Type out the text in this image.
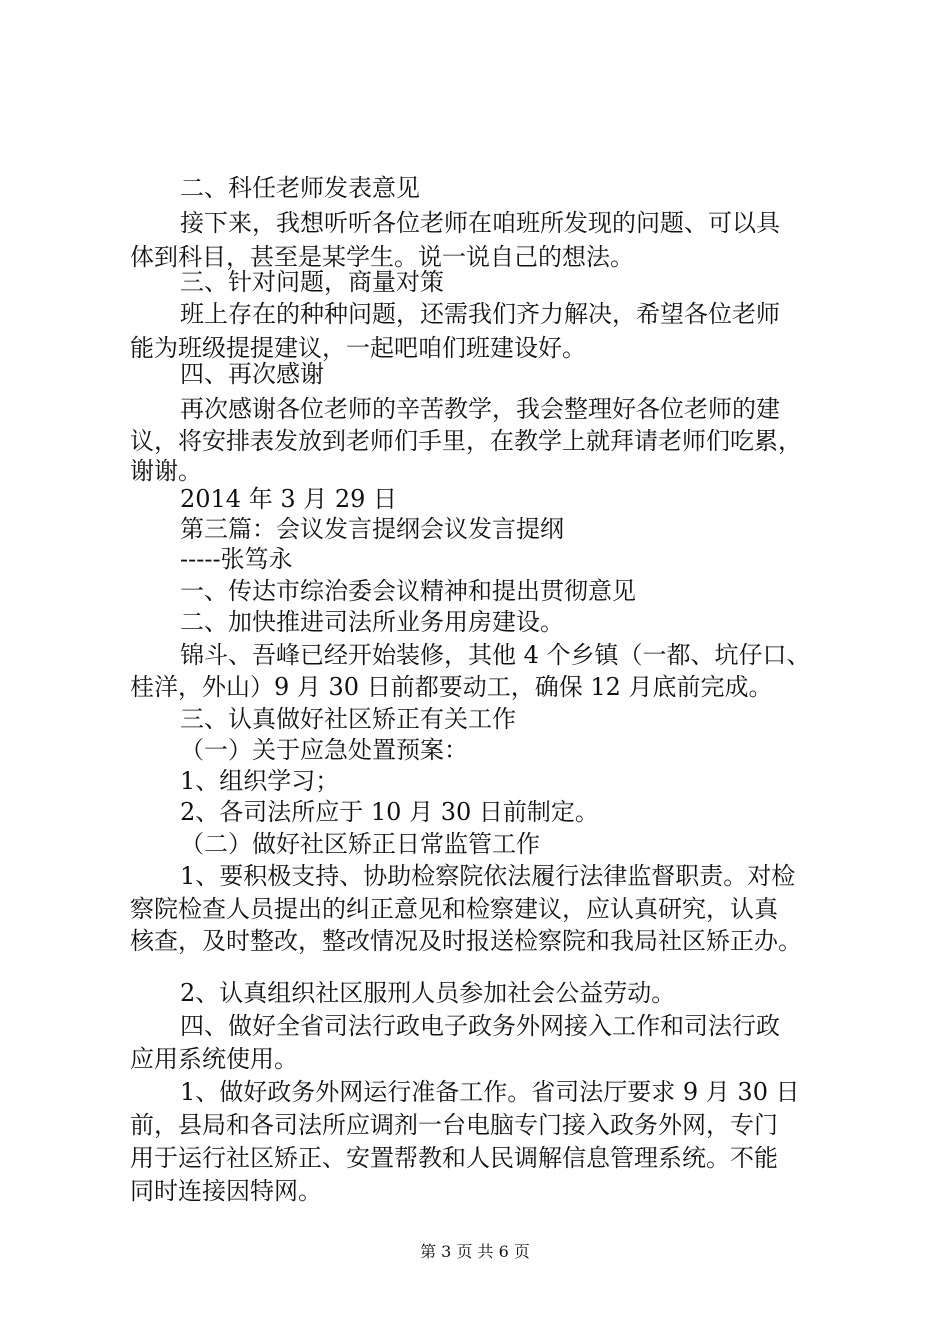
二、科任老师发表意见
接下来，我想听听各位老师在咱班所发现的问题、可以具
体到科目，甚至是某学生。说一说自己的想法。
三、针对问题，商量对策
班上存在的种种问题，还需我们齐力解决，希望各位老师
能为班级提提建议，一起吧咱们班建设好。
四、再次感谢
再次感谢各位老师的辛苦教学，我会整理好各位老师的建
议，将安排表发放到老师们手里，在教学上就拜请老师们吃累，
谢谢。
2014 年 3 月 29 日
第三篇：会议发言提纲会议发言提纲
-----张笃永
一、传达市综治委会议精神和提出贯彻意见
二、加快推进司法所业务用房建设。
锦斗、吾峰已经开始装修，其他 4 个乡镇（一都、坑仔口、
桂洋，外山）9 月 30 日前都要动工，确保 12 月底前完成。
三、认真做好社区矫正有关工作
（一）关于应急处置预案：
1、组织学习；
2、各司法所应于 10 月 30 日前制定。
（二）做好社区矫正日常监管工作
1、要积极支持、协助检察院依法履行法律监督职责。对检
察院检查人员提出的纠正意见和检察建议，应认真研究，认真
核查，及时整改，整改情况及时报送检察院和我局社区矫正办。
2、认真组织社区服刑人员参加社会公益劳动。
四、做好全省司法行政电子政务外网接入工作和司法行政
应用系统使用。
1、做好政务外网运行准备工作。省司法厅要求 9 月 30 日
前，县局和各司法所应调剂一台电脑专门接入政务外网，专门
用于运行社区矫正、安置帮教和人民调解信息管理系统。不能
同时连接因特网。
第 3 页 共 6 页
